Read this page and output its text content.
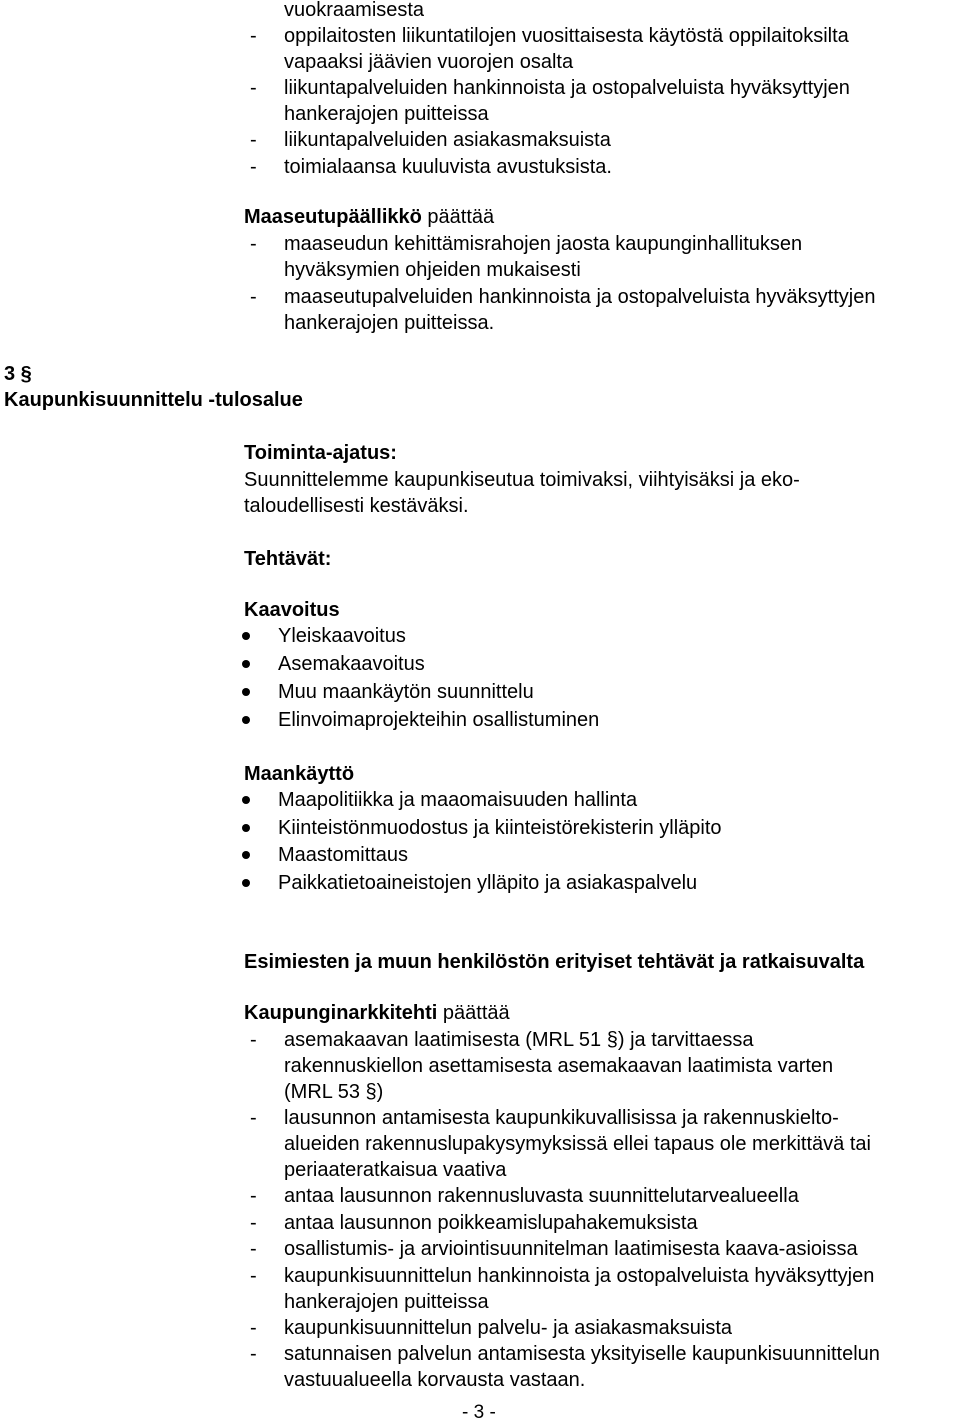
vuokraamisesta
- oppilaitosten liikuntatilojen vuosittaisesta käytöstä oppilaitoksilta
vapaaksi jäävien vuorojen osalta
- liikuntapalveluiden hankinnoista ja ostopalveluista hyväksyttyjen
hankerajojen puitteissa
- liikuntapalveluiden asiakasmaksuista
- toimialaansa kuuluvista avustuksista.
Maaseutupäällikkö päättää
- maaseudun kehittämisrahojen jaosta kaupunginhallituksen
hyväksymien ohjeiden mukaisesti
- maaseutupalveluiden hankinnoista ja ostopalveluista hyväksyttyjen
hankerajojen puitteissa.
3 §
Kaupunkisuunnittelu -tulosalue
Toiminta-ajatus:
Suunnittelemme kaupunkiseutua toimivaksi, viihtyisäksi ja eko-
taloudellisesti kestäväksi.
Tehtävät:
Kaavoitus
Yleiskaavoitus
Asemakaavoitus
Muu maankäytön suunnittelu
Elinvoimaprojekteihin osallistuminen
Maankäyttö
Maapolitiikka ja maaomaisuuden hallinta
Kiinteistönmuodostus ja kiinteistörekisterin ylläpito
Maastomittaus
Paikkatietoaineistojen ylläpito ja asiakaspalvelu
Esimiesten ja muun henkilöstön erityiset tehtävät ja ratkaisuvalta
Kaupunginarkkitehti päättää
- asemakaavan laatimisesta (MRL 51 §) ja tarvittaessa
rakennuskiellon asettamisesta asemakaavan laatimista varten
(MRL 53 §)
- lausunnon antamisesta kaupunkikuvallisissa ja rakennuskielto-
alueiden rakennuslupakysymyksissä ellei tapaus ole merkittävä tai
periaateratkaisua vaativa
- antaa lausunnon rakennusluvasta suunnittelutarvealueella
- antaa lausunnon poikkeamislupahakemuksista
- osallistumis- ja arviointisuunnitelman laatimisesta kaava-asioissa
- kaupunkisuunnittelun hankinnoista ja ostopalveluista hyväksyttyjen
hankerajojen puitteissa
- kaupunkisuunnittelun palvelu- ja asiakasmaksuista
- satunnaisen palvelun antamisesta yksityiselle kaupunkisuunnittelun
vastuualueella korvausta vastaan.
- 3 -
